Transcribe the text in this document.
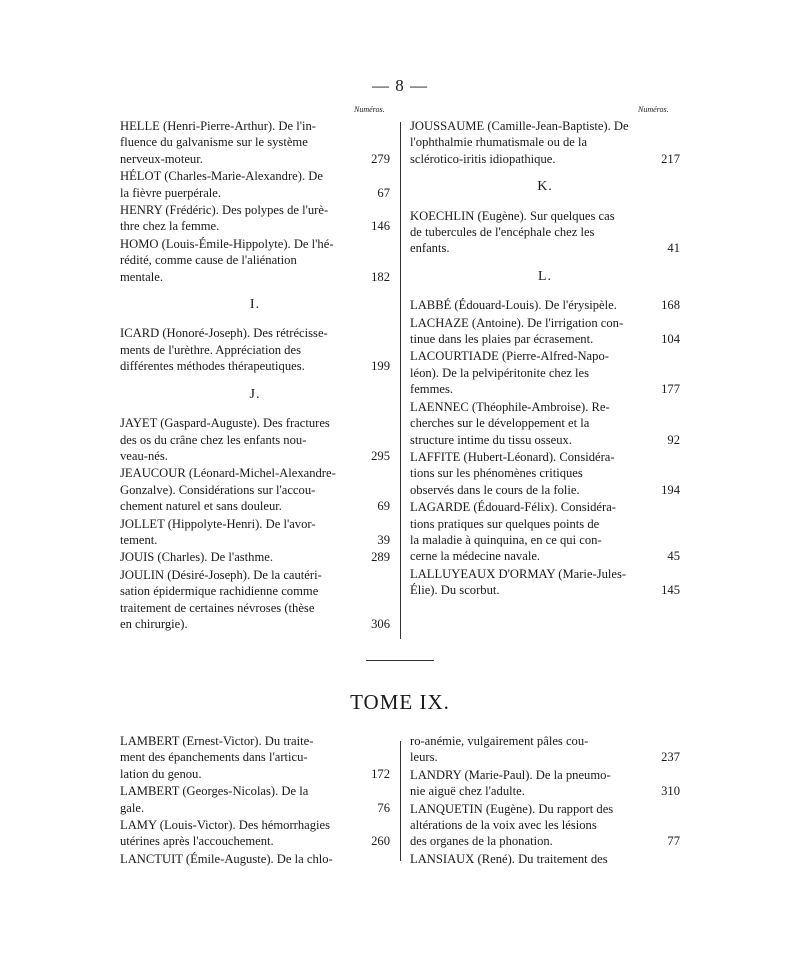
— 8 —
Numéros.	Numéros.

HELLE (Henri-Pierre-Arthur). De l'in-

fluence du galvanisme sur le système

nerveux-moteur.	279

HÉLOT (Charles-Marie-Alexandre). De

la fièvre puerpérale.	67

HENRY (Frédéric). Des polypes de l'urè-

thre chez la femme.	146

HOMO (Louis-Émile-Hippolyte). De l'hé-

rédité, comme cause de l'aliénation

mentale.	182

I.

ICARD (Honoré-Joseph). Des rétrécisse-

ments de l'urèthre. Appréciation des

différentes méthodes thérapeutiques.	199

J.

JAYET (Gaspard-Auguste). Des fractures

des os du crâne chez les enfants nou-

veau-nés.	295

JEAUCOUR (Léonard-Michel-Alexandre-

Gonzalve). Considérations sur l'accou-

chement naturel et sans douleur.	69

JOLLET (Hippolyte-Henri). De l'avor-

tement.	39

JOUIS (Charles). De l'asthme.	289

JOULIN (Désiré-Joseph). De la cautéri-

sation épidermique rachidienne comme

traitement de certaines névroses (thèse

en chirurgie).	306

JOUSSAUME (Camille-Jean-Baptiste). De

l'ophthalmie rhumatismale ou de la

sclérotico-iritis idiopathique.	217

K.

KOECHLIN (Eugène). Sur quelques cas

de tubercules de l'encéphale chez les

enfants.	41

L.

LABBÉ (Édouard-Louis). De l'érysipèle.	168

LACHAZE (Antoine). De l'irrigation con-

tinue dans les plaies par écrasement.	104

LACOURTIADE (Pierre-Alfred-Napo-

léon). De la pelvipéritonite chez les

femmes.	177

LAENNEC (Théophile-Ambroise). Re-

cherches sur le développement et la

structure intime du tissu osseux.	92

LAFFITE (Hubert-Léonard). Considéra-

tions sur les phénomènes critiques

observés dans le cours de la folie.	194

LAGARDE (Édouard-Félix). Considéra-

tions pratiques sur quelques points de

la maladie à quinquina, en ce qui con-

cerne la médecine navale.	45

LALLUYEAUX D'ORMAY (Marie-Jules-

Élie). Du scorbut.	145

TOME IX.

LAMBERT (Ernest-Victor). Du traite-

ment des épanchements dans l'articu-

lation du genou.	172

LAMBERT (Georges-Nicolas). De la

gale.	76

LAMY (Louis-Victor). Des hémorrhagies

utérines après l'accouchement.	260

LANCTUIT (Émile-Auguste). De la chlo-

ro-anémie, vulgairement pâles cou-

leurs.	237

LANDRY (Marie-Paul). De la pneumo-

nie aiguë chez l'adulte.	310

LANQUETIN (Eugène). Du rapport des

altérations de la voix avec les lésions

des organes de la phonation.	77

LANSIAUX (René). Du traitement des
